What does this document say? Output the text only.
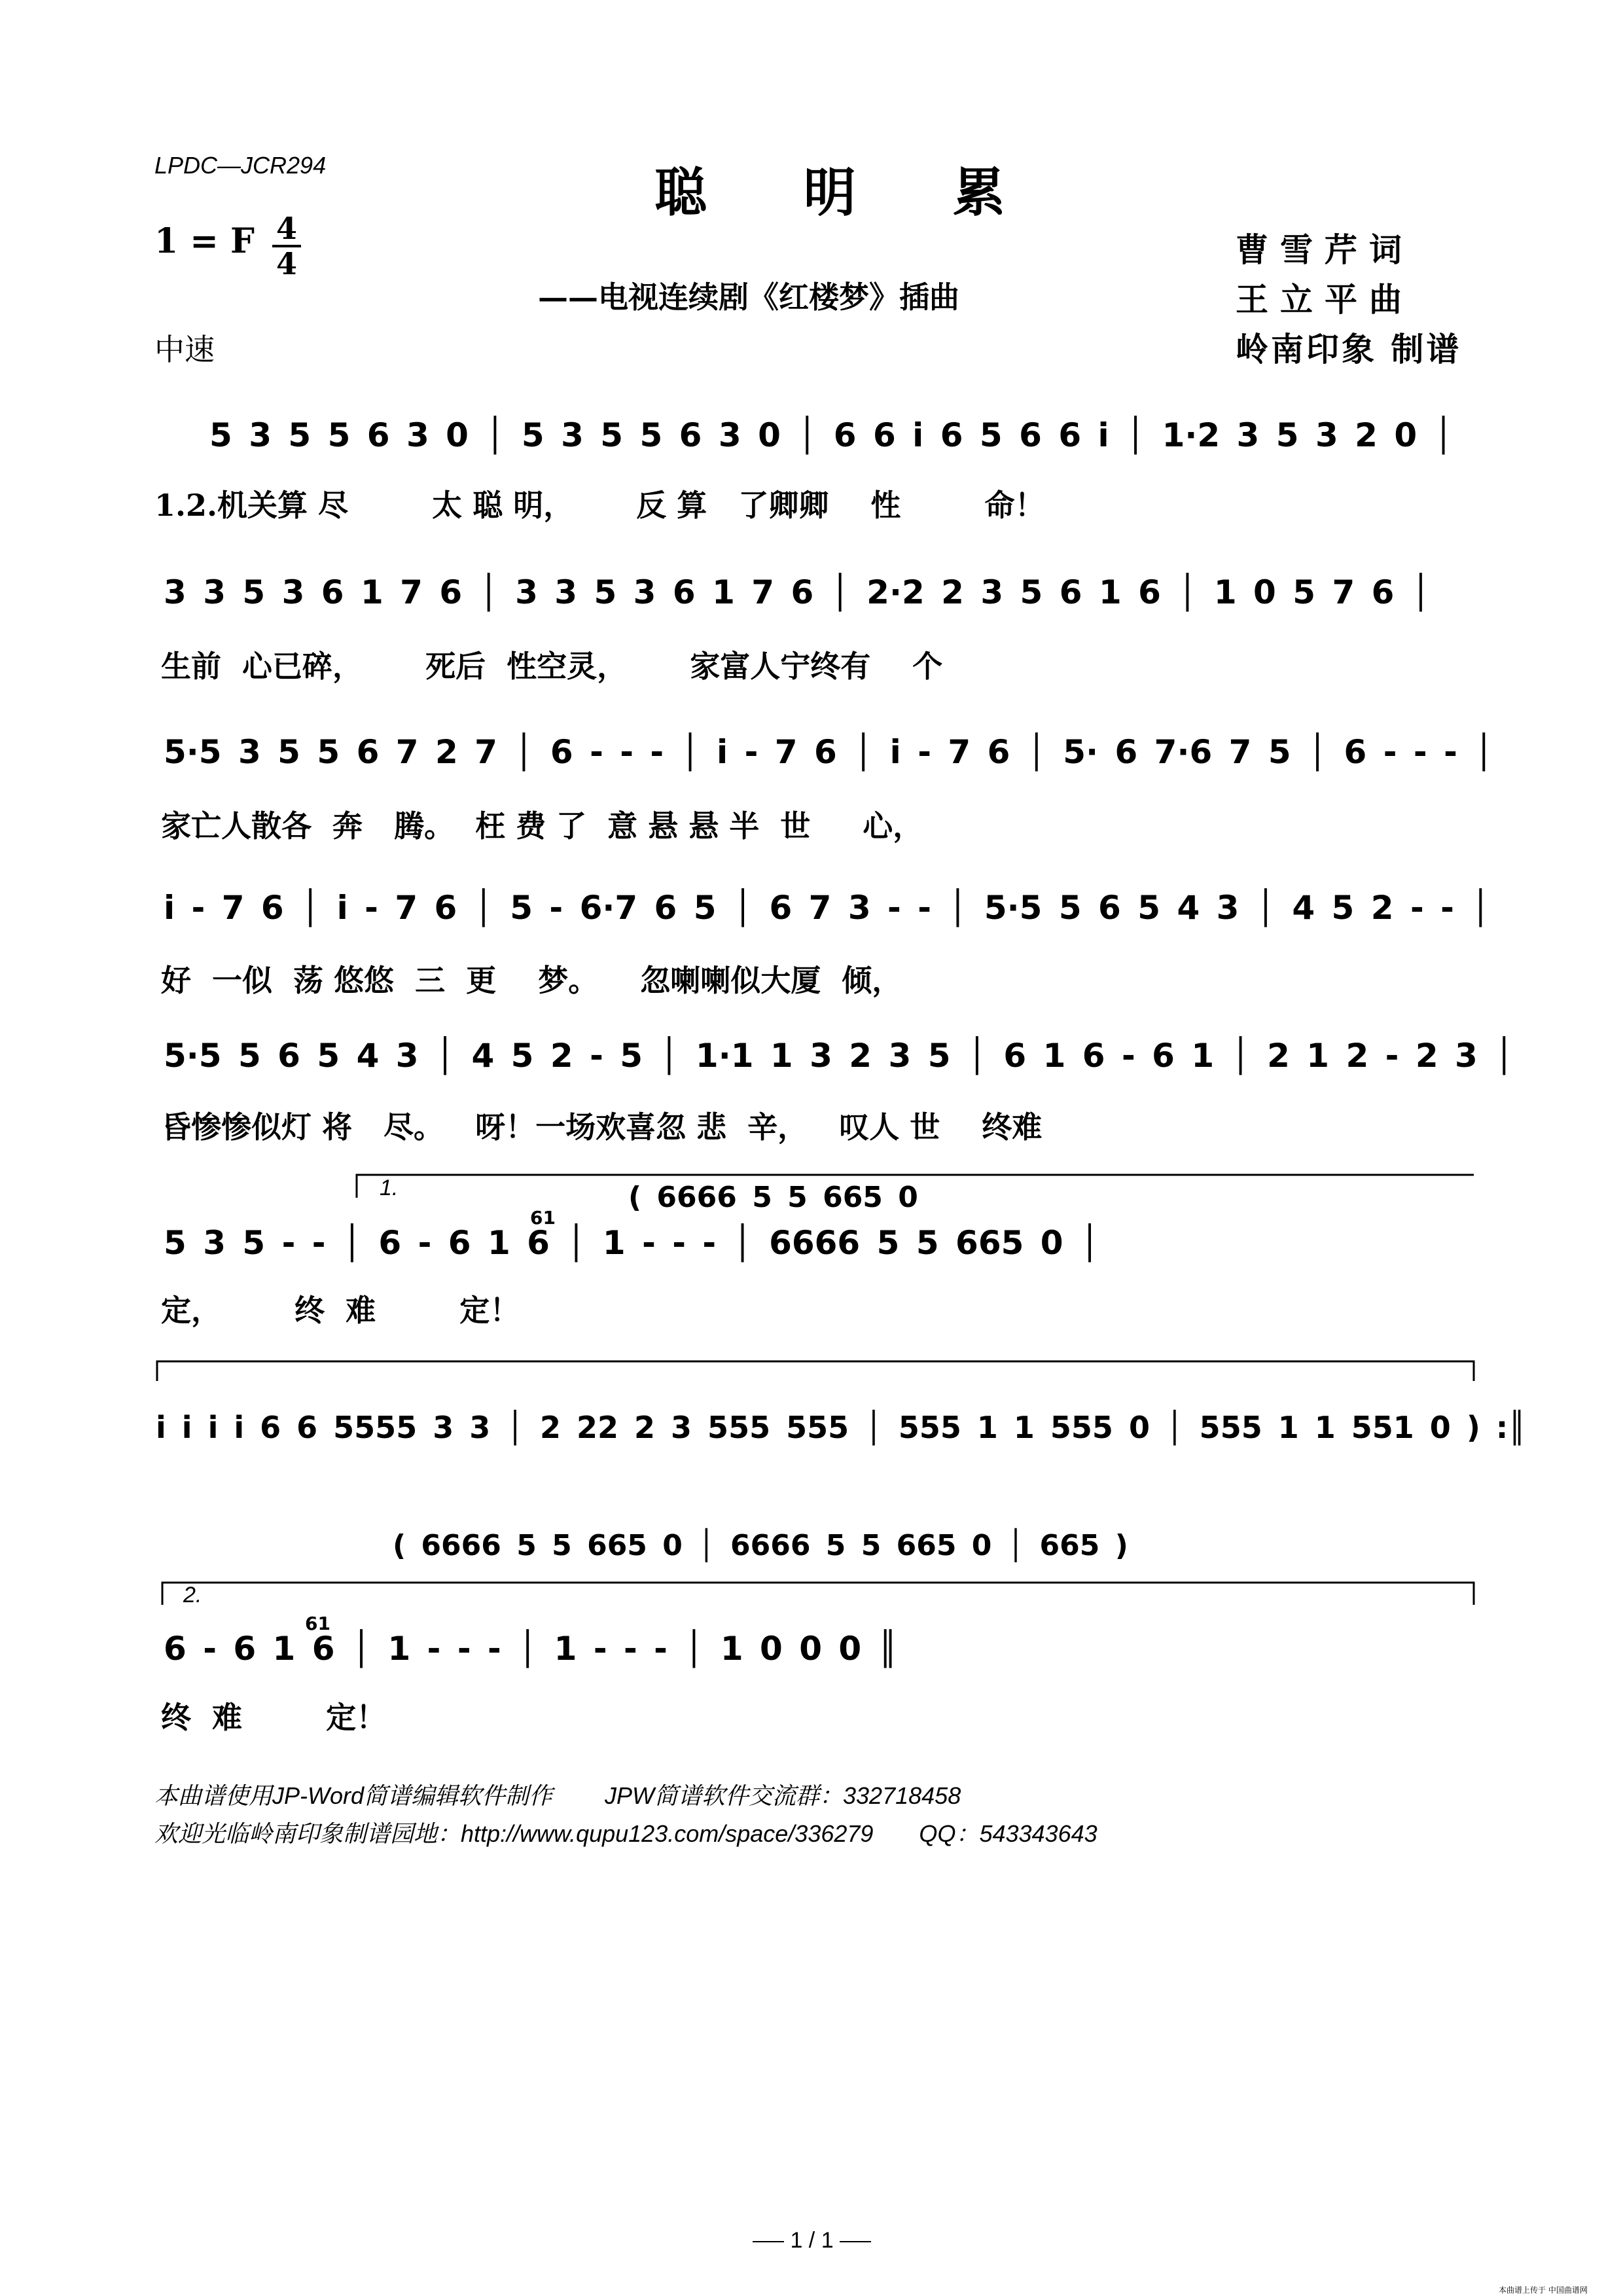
LPDC—JCR294	聪 明 累
1 = F 4
4	曹雪芹词
——电视连续剧《红楼梦》插曲	王立平曲
中速	岭南印象 制谱
5 3 5 5 6 3 0 │ 5 3 5 5 6 3 0 │ 6 6 i 6 5 6 6 i │ 1·2 3 5 3 2 0 │
1.2.机关算 尽        太 聪 明，      反 算   了卿卿    性        命！
3 3 5 3 6 1 7 6 │ 3 3 5 3 6 1 7 6 │ 2·2 2 3 5 6 1 6 │ 1 0 5 7 6 │
生前  心已碎，      死后  性空灵，      家富人宁终有    个
5·5 3 5 5 6 7 2 7 │ 6 - - - │ i - 7 6 │ i - 7 6 │ 5· 6 7·6 7 5 │ 6 - - - │
家亡人散各  奔   腾。  枉 费 了  意 悬 悬 半  世     心，
i - 7 6 │ i - 7 6 │ 5 - 6·7 6 5 │ 6 7 3 - - │ 5·5 5 6 5 4 3 │ 4 5 2 - - │
好  一似  荡 悠悠  三  更    梦。    忽喇喇似大厦  倾，
5·5 5 6 5 4 3 │ 4 5 2 - 5 │ 1·1 1 3 2 3 5 │ 6 1 6 - 6 1 │ 2 1 2 - 2 3 │
昏惨惨似灯 将   尽。   呀！一场欢喜忽 悲  辛，   叹人 世    终难
1.	( 6666 5 5 665 0
5 3 5 - - │ 6 - 6 1 6 │ 1 - - - │ 6666 5 5 665 0 │
定，       终  难        定！
61
i i i i 6 6 5555 3 3 │ 2 22 2 3 555 555 │ 555 1 1 555 0 │ 555 1 1 551 0 ) :║
( 6666 5 5 665 0 │ 6666 5 5 665 0 │ 665 )
2.
6 - 6 1 6 │ 1 - - - │ 1 - - - │ 1 0 0 0 ║
终  难        定！
61
本曲谱使用JP-Word简谱编辑软件制作        JPW简谱软件交流群：332718458
欢迎光临岭南印象制谱园地：http://www.qupu123.com/space/336279       QQ：543343643
1 / 1
本曲谱上传于 中国曲谱网
